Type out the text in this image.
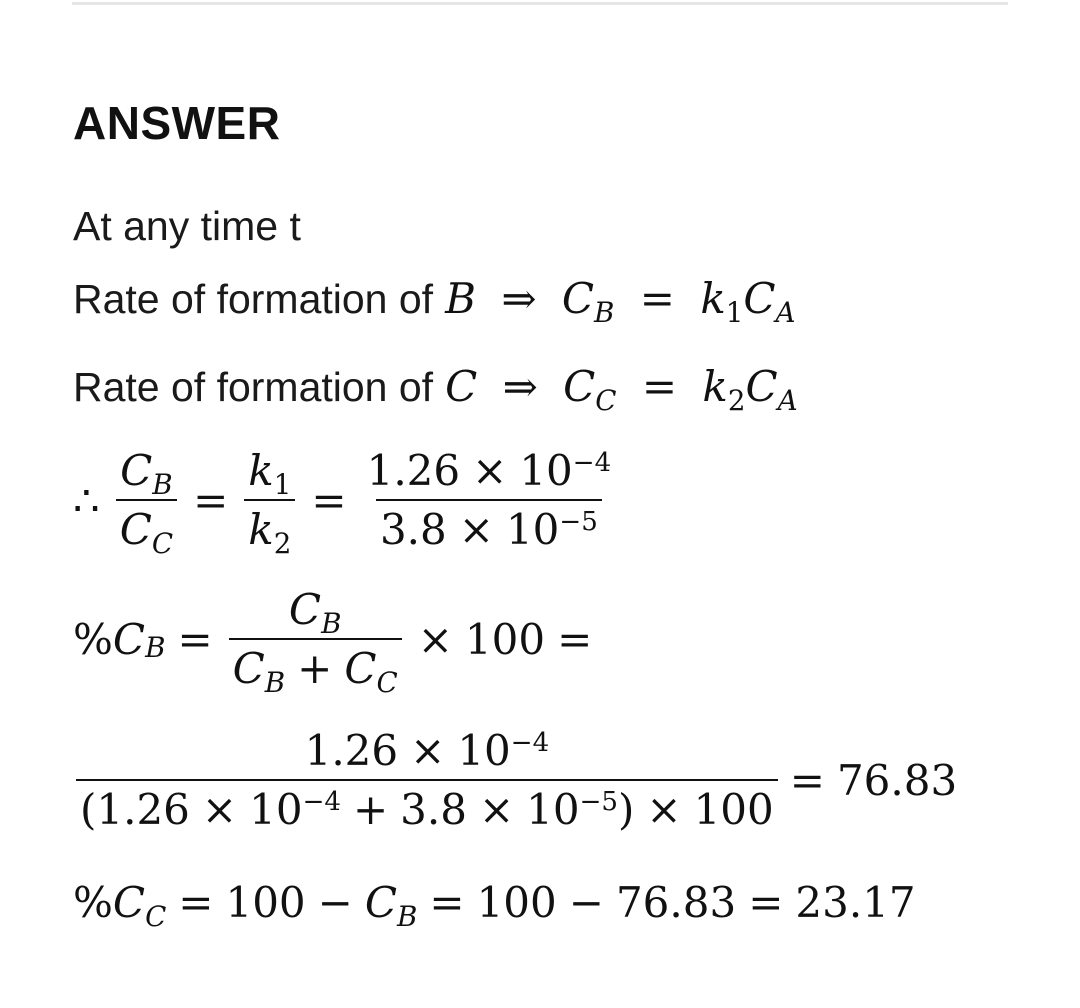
ANSWER
At any time t
Rate of formation of B ⇒ $C_B = k_1C_A$
Rate of formation of C ⇒ $C_C = k_2C_A$
∴ $\frac{C_B}{C_C} = \frac{k_1}{k_2} = \frac{1.26 \times 10^{-4}}{3.8 \times 10^{-5}}$
% C $B = \frac{C_B}{C_B + C_C} \times 100$ =
$\frac{1.26 \times 10^{-4}}{(1.26 \times 10^{-4} + 3.8 \times 10^{-5}) \times 100} = 76.83$
% C C = 100 − C B = 100 − 76.83 = 23.17
